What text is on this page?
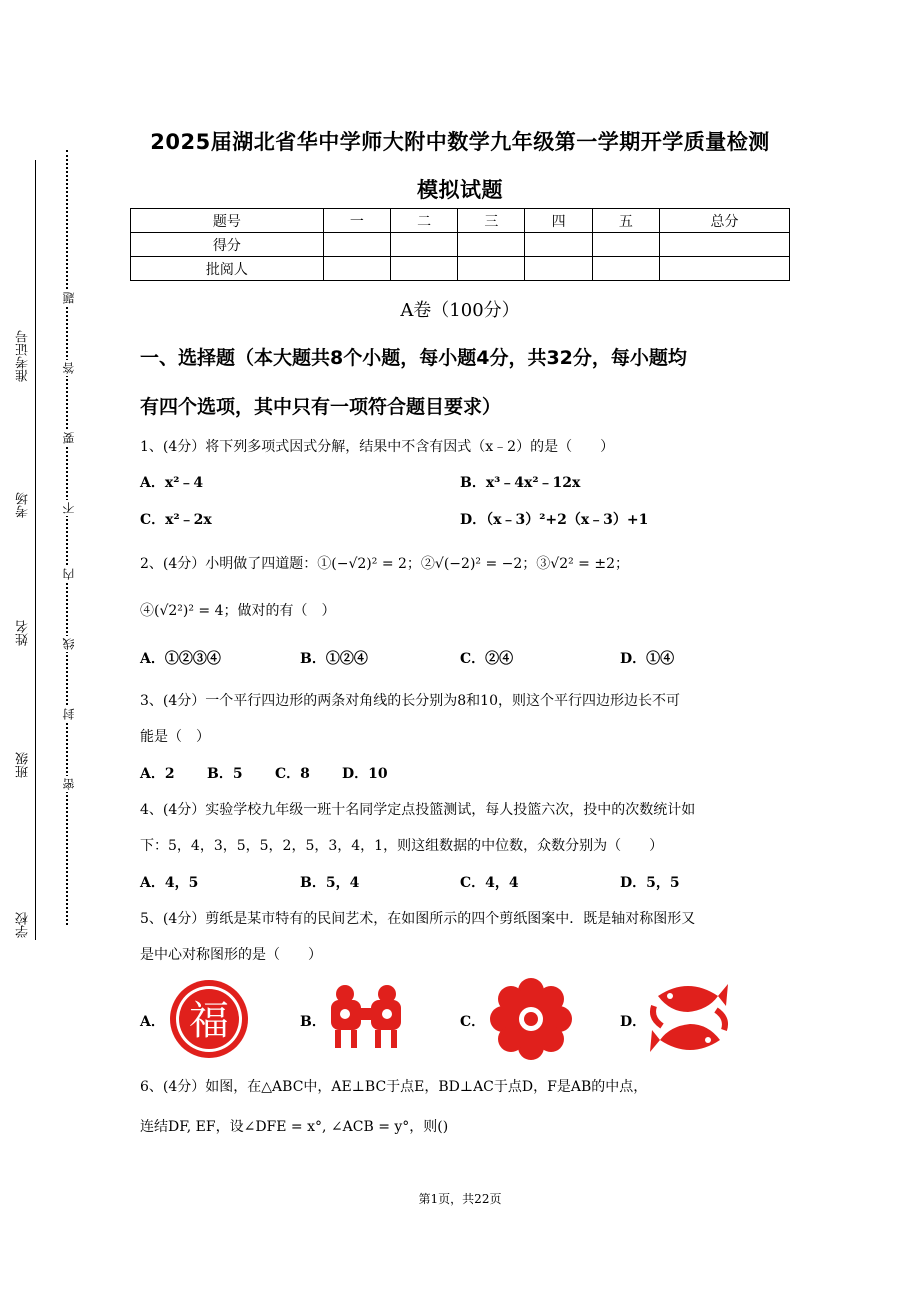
准考证号
考场
姓名
班级
学校
题
答
要
不
内
线
封
密
2025届湖北省华中学师大附中数学九年级第一学期开学质量检测
模拟试题
题号	一	二	三	四	五	总分
得分						
批阅人						
A卷（100分）
一、选择题（本大题共8个小题，每小题4分，共32分，每小题均
有四个选项，其中只有一项符合题目要求）
1、(4分）将下列多项式因式分解，结果中不含有因式（x﹣2）的是（　　）
A．x²﹣4	B．x³﹣4x²﹣12x
C．x²﹣2x	D．（x﹣3）²+2（x﹣3）+1
2、(4分）小明做了四道题：①(−√2)² = 2；②√(−2)² = −2；③√2² = ±2；
④(√2²)² = 4；做对的有（　）
A．①②③④	B．①②④	C．②④	D．①④
3、(4分）一个平行四边形的两条对角线的长分别为8和10，则这个平行四边形边长不可
能是（　）
A．2 B．5 C．8 D．10
4、(4分）实验学校九年级一班十名同学定点投篮测试，每人投篮六次，投中的次数统计如
下：5，4，3，5，5，2，5，3，4，1，则这组数据的中位数，众数分别为（　　）
A．4，5	B．5，4	C．4，4	D．5，5
5、(4分）剪纸是某市特有的民间艺术，在如图所示的四个剪纸图案中．既是轴对称图形又
是中心对称图形的是（　　）
A． 福	B．	C．	D．
6、(4分）如图，在△ABC中，AE⊥BC于点E，BD⊥AC于点D，F是AB的中点，
连结DF, EF，设∠DFE = x°, ∠ACB = y°，则()
第1页，共22页
